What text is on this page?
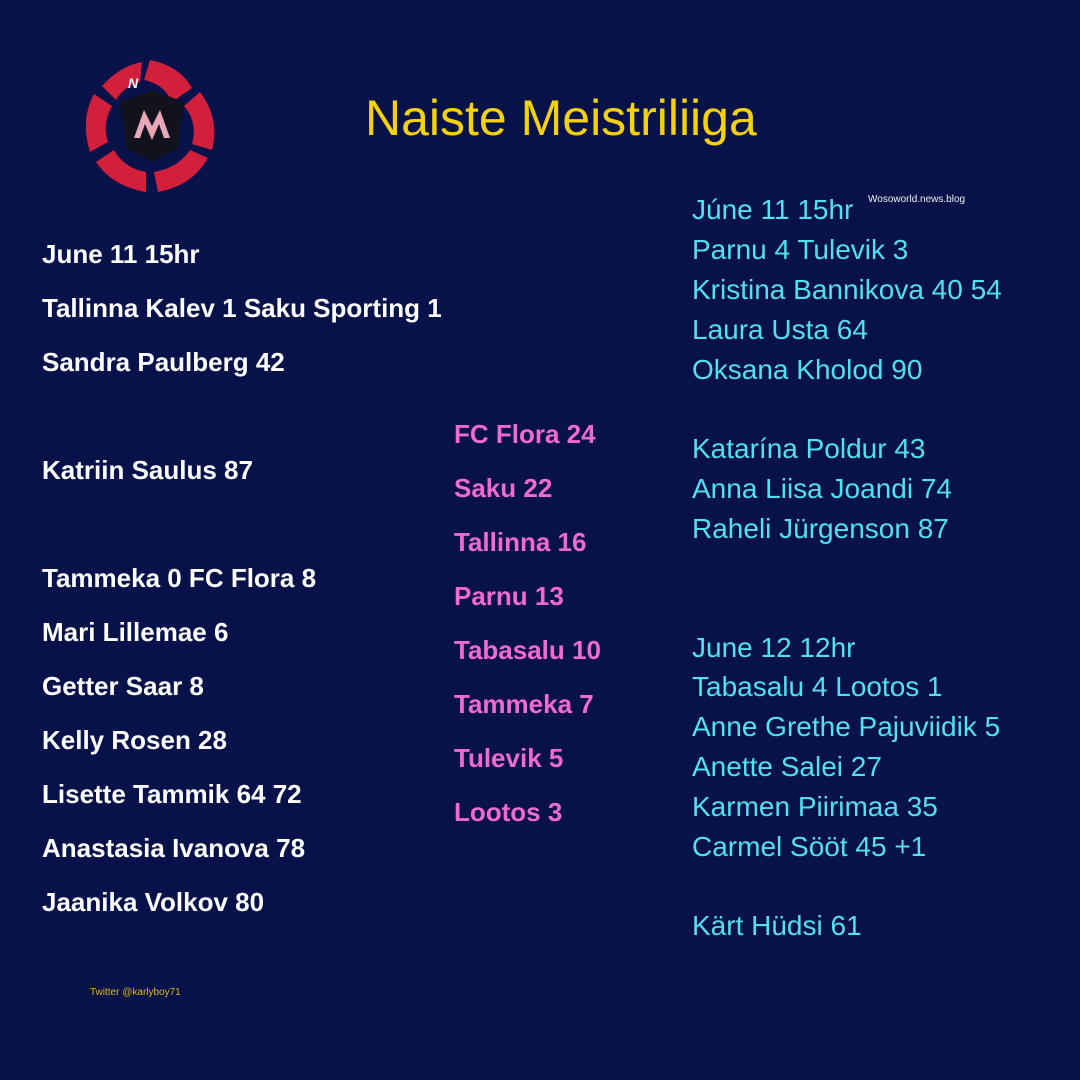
N
Naiste Meistriliiga
Wosoworld.news.blog
June 11 15hr
Tallinna Kalev 1 Saku Sporting 1
Sandra Paulberg 42
Katriin Saulus 87
Tammeka 0 FC Flora 8
Mari Lillemae 6
Getter Saar 8
Kelly Rosen 28
Lisette Tammik 64 72
Anastasia Ivanova 78
Jaanika Volkov 80
FC Flora 24
Saku 22
Tallinna 16
Parnu 13
Tabasalu 10
Tammeka 7
Tulevik 5
Lootos 3
Júne 11 15hr
Parnu 4 Tulevik 3
Kristina Bannikova 40 54
Laura Usta 64
Oksana Kholod 90
Katarína Poldur 43
Anna Liisa Joandi 74
Raheli Jürgenson 87
June 12 12hr
Tabasalu 4 Lootos 1
Anne Grethe Pajuviidik 5
Anette Salei 27
Karmen Piirimaa 35
Carmel Sööt 45 +1
Kärt Hüdsi 61
Twitter @karlyboy71
